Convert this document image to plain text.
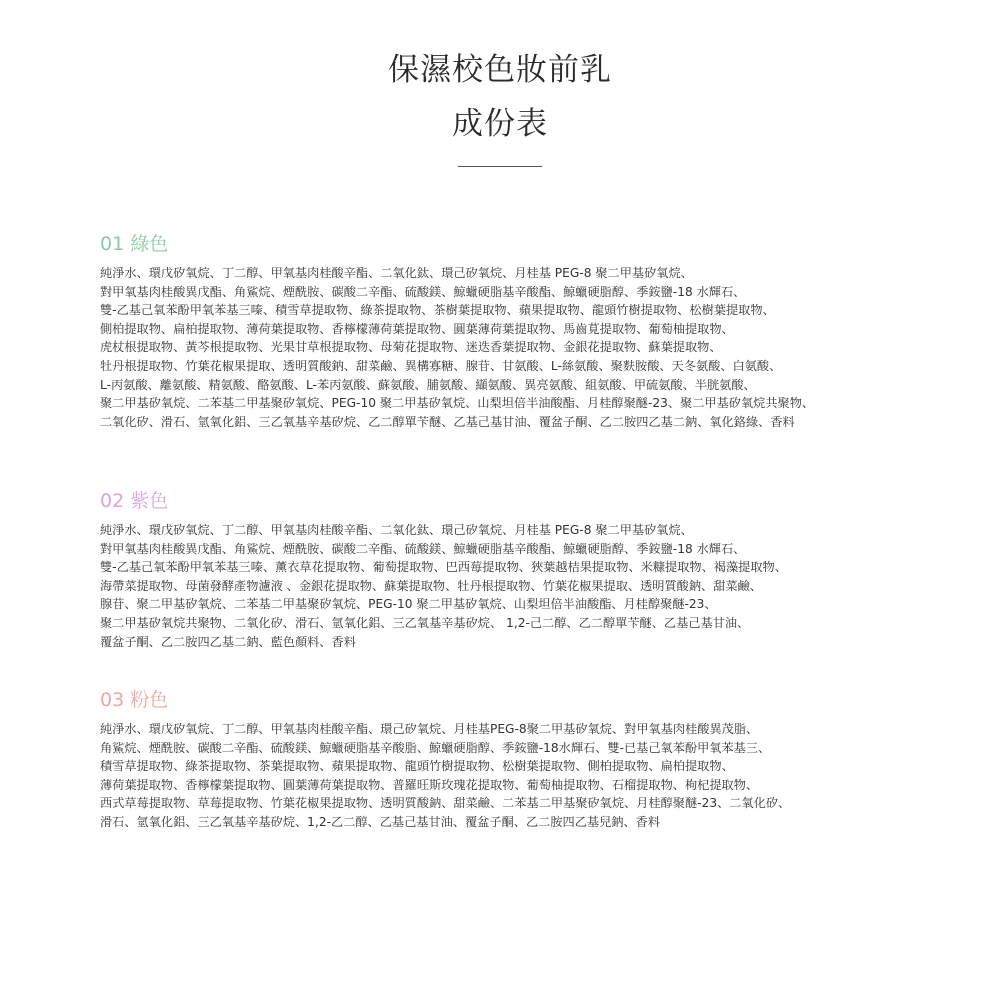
保濕校色妝前乳
成份表
01 綠色
純淨水、環戊矽氧烷、丁二醇、甲氧基肉桂酸辛酯、二氧化鈦、環己矽氧烷、月桂基 PEG-8 聚二甲基矽氧烷、
對甲氧基肉桂酸異戊酯、角鯊烷、煙酰胺、碳酸二辛酯、硫酸鎂、鯨蠟硬脂基辛酸酯、鯨蠟硬脂醇、季銨鹽-18 水輝石、
雙-乙基己氧苯酚甲氧苯基三嗪、積雪草提取物、綠茶提取物、茶樹葉提取物、蘋果提取物、龍頭竹樹提取物、松樹葉提取物、
側柏提取物、扁柏提取物、薄荷葉提取物、香檸檬薄荷葉提取物、圓葉薄荷葉提取物、馬齒莧提取物、葡萄柚提取物、
虎杖根提取物、黃芩根提取物、光果甘草根提取物、母菊花提取物、迷迭香葉提取物、金銀花提取物、蘇葉提取物、
牡丹根提取物、竹葉花椒果提取、透明質酸鈉、甜菜鹼、異構寡糖、腺苷、甘氨酸、L-絲氨酸、聚麩胺酸、天冬氨酸、白氨酸、
L-丙氨酸、離氨酸、精氨酸、酪氨酸、L-苯丙氨酸、蘇氨酸、脯氨酸、纈氨酸、異亮氨酸、組氨酸、甲硫氨酸、半胱氨酸、
聚二甲基矽氧烷、二苯基二甲基聚矽氧烷、PEG-10 聚二甲基矽氧烷、山梨坦倍半油酸酯、月桂醇聚醚-23、聚二甲基矽氧烷共聚物、
二氧化矽、滑石、氫氧化鋁、三乙氧基辛基矽烷、乙二醇單苄醚、乙基己基甘油、覆盆子酮、乙二胺四乙基二鈉、氧化鉻綠、香料
02 紫色
純淨水、環戊矽氧烷、丁二醇、甲氧基肉桂酸辛酯、二氧化鈦、環己矽氧烷、月桂基 PEG-8 聚二甲基矽氧烷、
對甲氧基肉桂酸異戊酯、角鯊烷、煙酰胺、碳酸二辛酯、硫酸鎂、鯨蠟硬脂基辛酸酯、鯨蠟硬脂醇、季銨鹽-18 水輝石、
雙-乙基己氧苯酚甲氧苯基三嗪、薰衣草花提取物、葡萄提取物、巴西莓提取物、狹葉越桔果提取物、米糠提取物、褐藻提取物、
海帶菜提取物、母菌發酵產物濾液 、金銀花提取物、蘇葉提取物、牡丹根提取物、竹葉花椒果提取、透明質酸鈉、甜菜鹼、
腺苷、聚二甲基矽氧烷、二苯基二甲基聚矽氧烷、PEG-10 聚二甲基矽氧烷、山梨坦倍半油酸酯、月桂醇聚醚-23、
聚二甲基矽氧烷共聚物、二氧化矽、滑石、氫氧化鋁、三乙氧基辛基矽烷、 1,2-己二醇、乙二醇單苄醚、乙基己基甘油、
覆盆子酮、乙二胺四乙基二鈉、藍色顏料、香料
03 粉色
純淨水、環戊矽氧烷、丁二醇、甲氧基肉桂酸辛酯、環己矽氧烷、月桂基PEG-8聚二甲基矽氧烷、對甲氧基肉桂酸異茂脂、
角鯊烷、煙酰胺、碳酸二辛酯、硫酸鎂、鯨蠟硬脂基辛酸脂、鯨蠟硬脂醇、季銨鹽-18水輝石、雙-已基己氧苯酚甲氧苯基三、
積雪草提取物、綠茶提取物、茶葉提取物、蘋果提取物、龍頭竹樹提取物、松樹葉提取物、側柏提取物、扁柏提取物、
薄荷葉提取物、香檸檬葉提取物、圓葉薄荷葉提取物、普羅旺斯玫瑰花提取物、葡萄柚提取物、石榴提取物、枸杞提取物、
西式草莓提取物、草莓提取物、竹葉花椒果提取物、透明質酸鈉、甜菜鹼、二苯基二甲基聚矽氧烷、月桂醇聚醚-23、二氧化矽、
滑石、氫氧化鋁、三乙氧基辛基矽烷、1,2-乙二醇、乙基己基甘油、覆盆子酮、乙二胺四乙基兒鈉、香料
